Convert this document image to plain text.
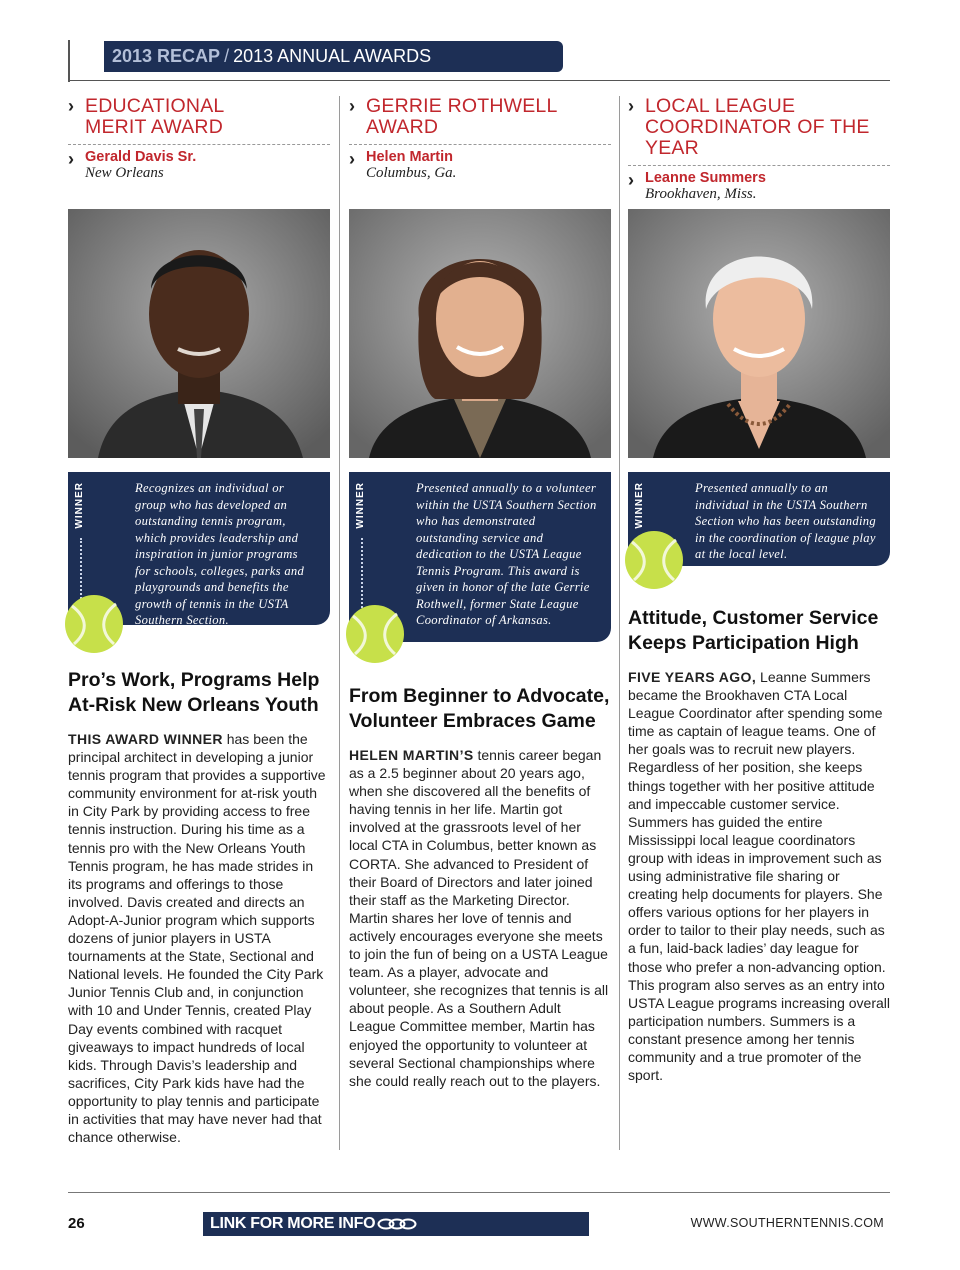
2013 RECAP / 2013 ANNUAL AWARDS
› EDUCATIONAL
MERIT AWARD
› Gerald Davis Sr.
New Orleans
WINNER	Recognizes an individual or group who has developed an outstanding tennis program, which provides leadership and inspiration in junior programs for schools, colleges, parks and playgrounds and benefits the growth of tennis in the USTA Southern Section.
Pro’s Work, Programs Help
At-Risk New Orleans Youth
THIS AWARD WINNER has been the principal architect in developing a junior tennis program that provides a supportive community environment for at-risk youth in City Park by providing access to free tennis instruction. During his time as a tennis pro with the New Orleans Youth Tennis program, he has made strides in its programs and offerings to those involved. Davis created and directs an Adopt-A-Junior program which supports dozens of junior players in USTA tournaments at the State, Sectional and National levels. He founded the City Park Junior Tennis Club and, in conjunction with 10 and Under Tennis, created Play Day events combined with racquet giveaways to impact hundreds of local kids. Through Davis’s leadership and sacrifices, City Park kids have had the opportunity to play tennis and participate in activities that may have never had that chance otherwise.
› GERRIE ROTHWELL
AWARD
› Helen Martin
Columbus, Ga.
WINNER	Presented annually to a volunteer within the USTA Southern Section who has demonstrated outstanding service and dedication to the USTA League Tennis Program. This award is given in honor of the late Gerrie Rothwell, former State League Coordinator of Arkansas.
From Beginner to Advocate,
Volunteer Embraces Game
HELEN MARTIN’S tennis career began as a 2.5 beginner about 20 years ago, when she discovered all the benefits of having tennis in her life. Martin got involved at the grassroots level of her local CTA in Columbus, better known as CORTA. She advanced to President of their Board of Directors and later joined their staff as the Marketing Director. Martin shares her love of tennis and actively encourages everyone she meets to join the fun of being on a USTA League team. As a player, advocate and volunteer, she recognizes that tennis is all about people. As a Southern Adult League Committee member, Martin has enjoyed the opportunity to volunteer at several Sectional championships where she could really reach out to the players.
› LOCAL LEAGUE
COORDINATOR OF THE YEAR
› Leanne Summers
Brookhaven, Miss.
WINNER	Presented annually to an individual in the USTA Southern Section who has been outstanding in the coordination of league play at the local level.
Attitude, Customer Service
Keeps Participation High
FIVE YEARS AGO, Leanne Summers became the Brookhaven CTA Local League Coordinator after spending some time as captain of league teams. One of her goals was to recruit new players. Regardless of her position, she keeps things together with her positive attitude and impeccable customer service. Summers has guided the entire Mississippi local league coordinators group with ideas in improvement such as using administrative file sharing or creating help documents for players. She offers various options for her players in order to tailor to their play needs, such as a fun, laid-back ladies’ day league for those who prefer a non-advancing option. This program also serves as an entry into USTA League programs increasing overall participation numbers. Summers is a constant presence among her tennis community and a true promoter of the sport.
26	LINK FOR MORE INFO	WWW.SOUTHERNTENNIS.COM
